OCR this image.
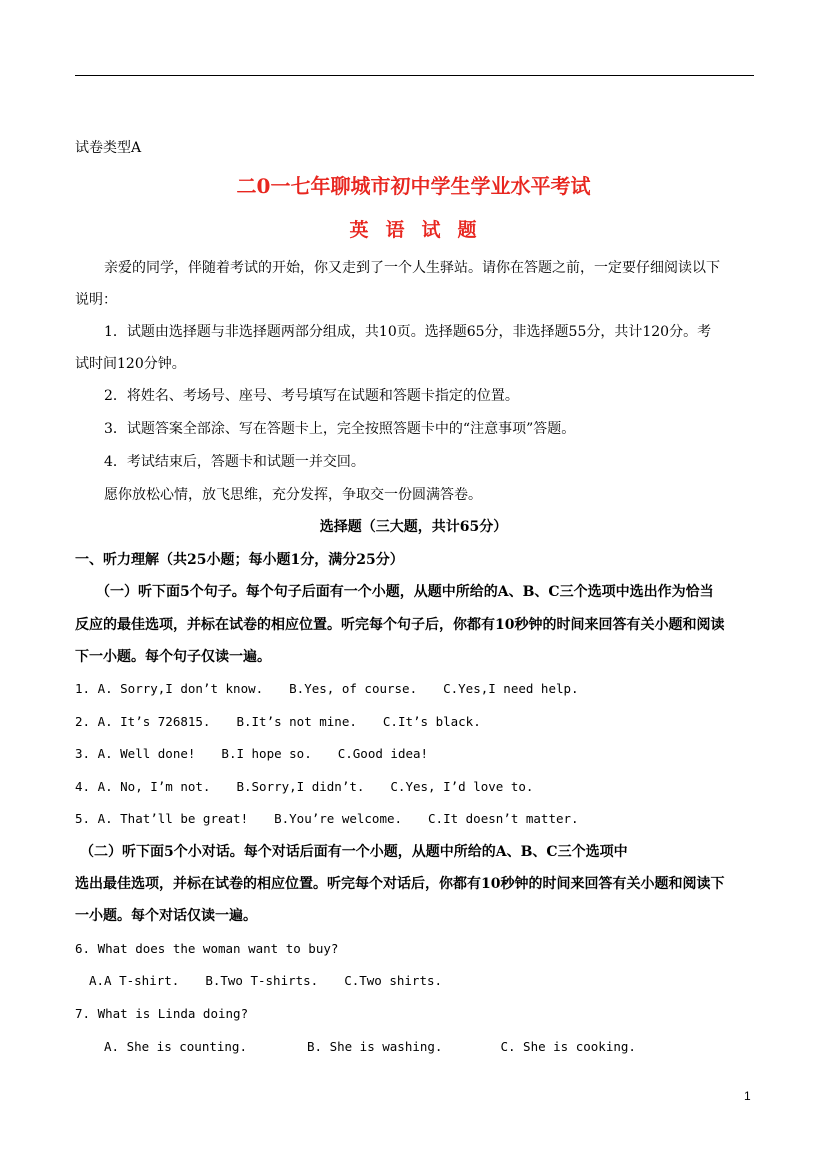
试卷类型A
二0一七年聊城市初中学生学业水平考试
英语试题
亲爱的同学，伴随着考试的开始，你又走到了一个人生驿站。请你在答题之前，一定要仔细阅读以下
说明：
1．试题由选择题与非选择题两部分组成，共10页。选择题65分，非选择题55分，共计120分。考
试时间120分钟。
2．将姓名、考场号、座号、考号填写在试题和答题卡指定的位置。
3．试题答案全部涂、写在答题卡上，完全按照答题卡中的“注意事项”答题。
4．考试结束后，答题卡和试题一并交回。
愿你放松心情，放飞思维，充分发挥，争取交一份圆满答卷。
选择题（三大题，共计65分）
一、听力理解（共25小题；每小题1分，满分25分）
（一）听下面5个句子。每个句子后面有一个小题，从题中所给的A、B、C三个选项中选出作为恰当
反应的最佳选项，并标在试卷的相应位置。听完每个句子后，你都有10秒钟的时间来回答有关小题和阅读
下一小题。每个句子仅读一遍。
1. A. Sorry,I don’t know. B.Yes, of course. C.Yes,I need help.
2. A. It’s 726815. B.It’s not mine. C.It’s black.
3. A. Well done! B.I hope so. C.Good idea!
4. A. No, I’m not. B.Sorry,I didn’t. C.Yes, I’d love to.
5. A. That’ll be great! B.You’re welcome. C.It doesn’t matter.
（二）听下面5个小对话。每个对话后面有一个小题，从题中所给的A、B、C三个选项中
选出最佳选项，并标在试卷的相应位置。听完每个对话后，你都有10秒钟的时间来回答有关小题和阅读下
一小题。每个对话仅读一遍。
6. What does the woman want to buy?
A.A T-shirt. B.Two T-shirts. C.Two shirts.
7. What is Linda doing?
A. She is counting.	B. She is washing.	C. She is cooking.
1
